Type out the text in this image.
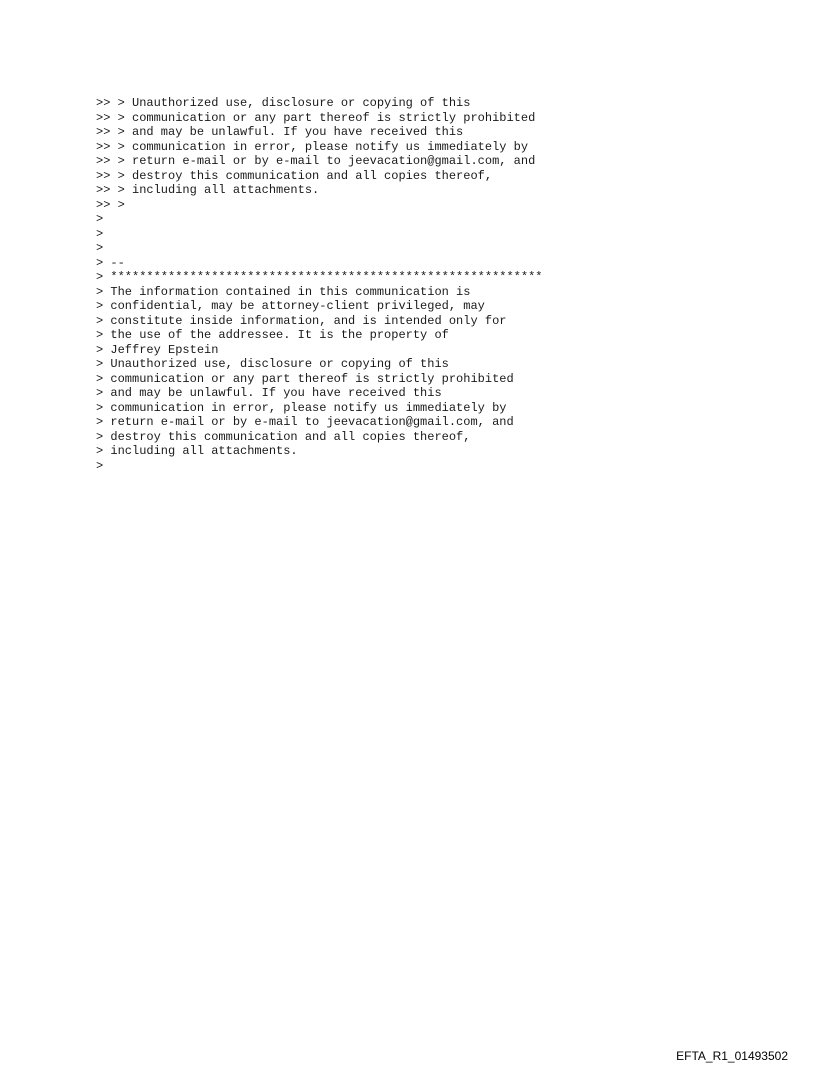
>> > Unauthorized use, disclosure or copying of this
>> > communication or any part thereof is strictly prohibited
>> > and may be unlawful. If you have received this
>> > communication in error, please notify us immediately by
>> > return e-mail or by e-mail to jeevacation@gmail.com, and
>> > destroy this communication and all copies thereof,
>> > including all attachments.
>> >
>
>
>
> --
> ************************************************************
> The information contained in this communication is
> confidential, may be attorney-client privileged, may
> constitute inside information, and is intended only for
> the use of the addressee. It is the property of
> Jeffrey Epstein
> Unauthorized use, disclosure or copying of this
> communication or any part thereof is strictly prohibited
> and may be unlawful. If you have received this
> communication in error, please notify us immediately by
> return e-mail or by e-mail to jeevacation@gmail.com, and
> destroy this communication and all copies thereof,
> including all attachments.
>
EFTA_R1_01493502
